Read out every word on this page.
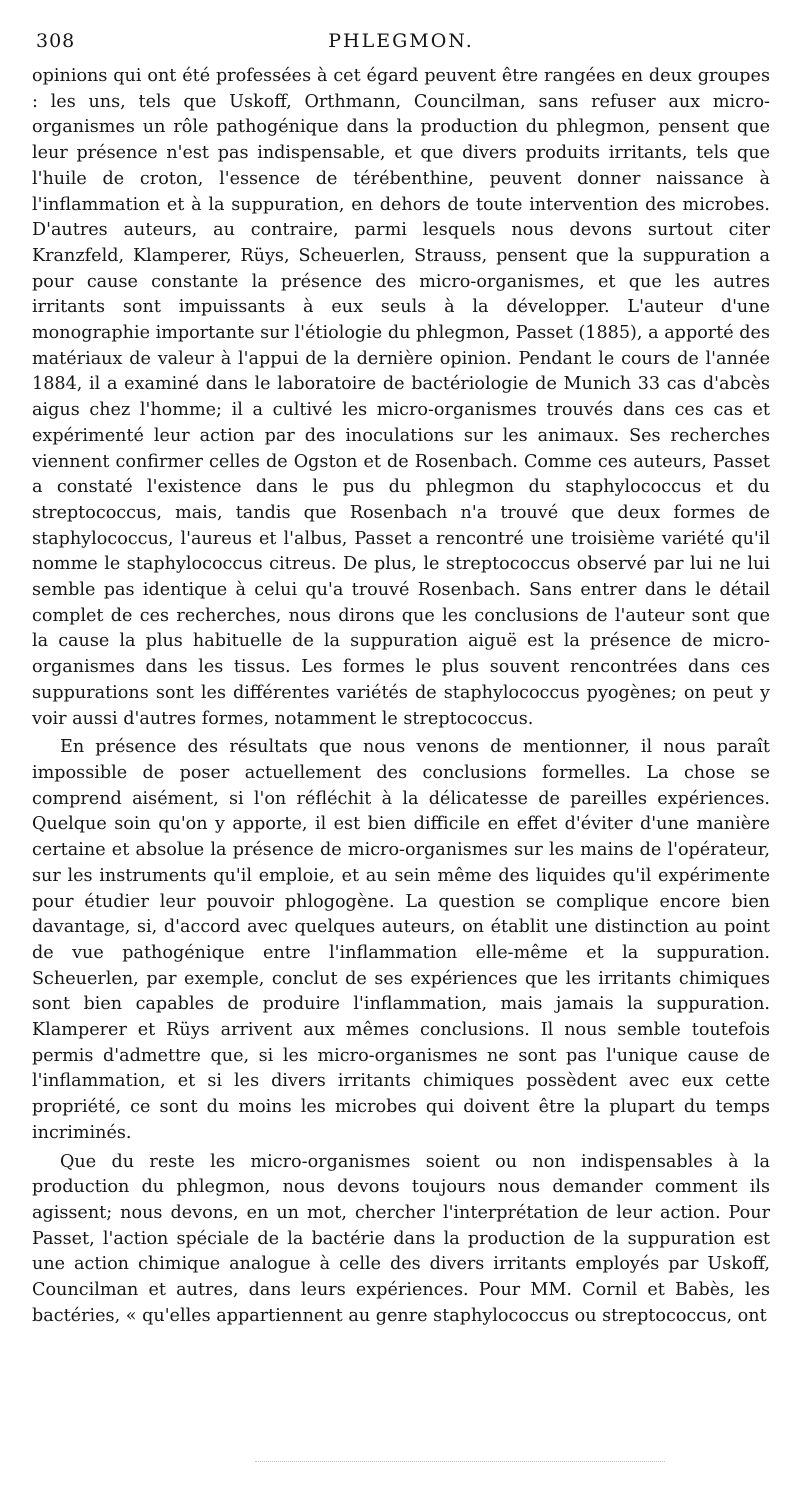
308	PHLEGMON.

opinions qui ont été professées à cet égard peuvent être rangées en deux groupes : les uns, tels que Uskoff, Orthmann, Councilman, sans refuser aux micro-organismes un rôle pathogénique dans la production du phlegmon, pensent que leur présence n'est pas indispensable, et que divers produits irritants, tels que l'huile de croton, l'essence de térébenthine, peuvent donner naissance à l'inflammation et à la suppuration, en dehors de toute intervention des microbes. D'autres auteurs, au contraire, parmi lesquels nous devons surtout citer Kranzfeld, Klamperer, Rüys, Scheuerlen, Strauss, pensent que la suppuration a pour cause constante la présence des micro-organismes, et que les autres irritants sont impuissants à eux seuls à la développer. L'auteur d'une monographie importante sur l'étiologie du phlegmon, Passet (1885), a apporté des matériaux de valeur à l'appui de la dernière opinion. Pendant le cours de l'année 1884, il a examiné dans le laboratoire de bactériologie de Munich 33 cas d'abcès aigus chez l'homme; il a cultivé les micro-organismes trouvés dans ces cas et expérimenté leur action par des inoculations sur les animaux. Ses recherches viennent confirmer celles de Ogston et de Rosenbach. Comme ces auteurs, Passet a constaté l'existence dans le pus du phlegmon du staphylococcus et du streptococcus, mais, tandis que Rosenbach n'a trouvé que deux formes de staphylococcus, l'aureus et l'albus, Passet a rencontré une troisième variété qu'il nomme le staphylococcus citreus. De plus, le streptococcus observé par lui ne lui semble pas identique à celui qu'a trouvé Rosenbach. Sans entrer dans le détail complet de ces recherches, nous dirons que les conclusions de l'auteur sont que la cause la plus habituelle de la suppuration aiguë est la présence de micro-organismes dans les tissus. Les formes le plus souvent rencontrées dans ces suppurations sont les différentes variétés de staphylococcus pyogènes; on peut y voir aussi d'autres formes, notamment le streptococcus.

En présence des résultats que nous venons de mentionner, il nous paraît impossible de poser actuellement des conclusions formelles. La chose se comprend aisément, si l'on réfléchit à la délicatesse de pareilles expériences. Quelque soin qu'on y apporte, il est bien difficile en effet d'éviter d'une manière certaine et absolue la présence de micro-organismes sur les mains de l'opérateur, sur les instruments qu'il emploie, et au sein même des liquides qu'il expérimente pour étudier leur pouvoir phlogogène. La question se complique encore bien davantage, si, d'accord avec quelques auteurs, on établit une distinction au point de vue pathogénique entre l'inflammation elle-même et la suppuration. Scheuerlen, par exemple, conclut de ses expériences que les irritants chimiques sont bien capables de produire l'inflammation, mais jamais la suppuration. Klamperer et Rüys arrivent aux mêmes conclusions. Il nous semble toutefois permis d'admettre que, si les micro-organismes ne sont pas l'unique cause de l'inflammation, et si les divers irritants chimiques possèdent avec eux cette propriété, ce sont du moins les microbes qui doivent être la plupart du temps incriminés.

Que du reste les micro-organismes soient ou non indispensables à la production du phlegmon, nous devons toujours nous demander comment ils agissent; nous devons, en un mot, chercher l'interprétation de leur action. Pour Passet, l'action spéciale de la bactérie dans la production de la suppuration est une action chimique analogue à celle des divers irritants employés par Uskoff, Councilman et autres, dans leurs expériences. Pour MM. Cornil et Babès, les bactéries, « qu'elles appartiennent au genre staphylococcus ou streptococcus, ont
